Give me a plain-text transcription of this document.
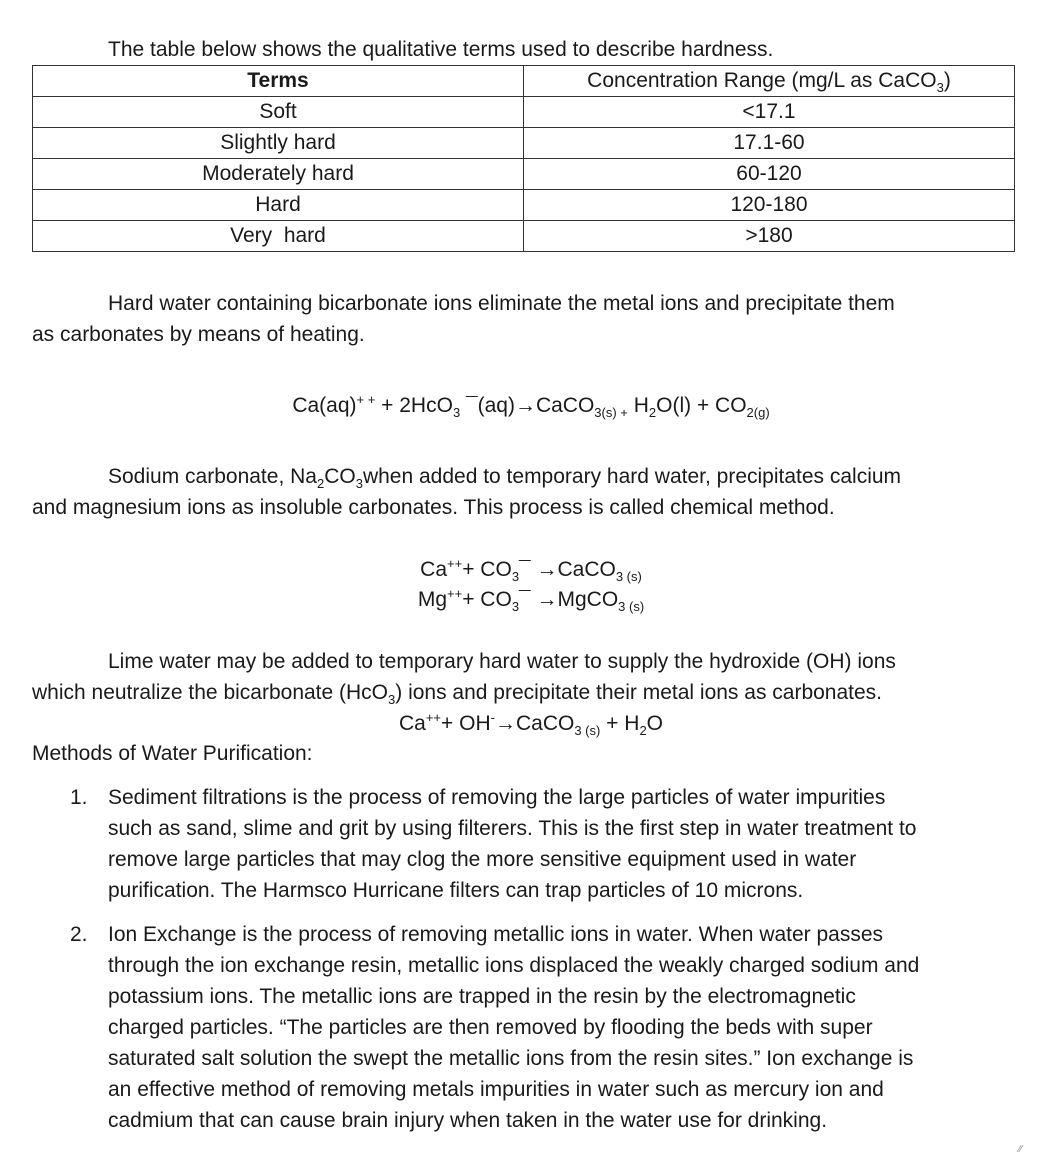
The table below shows the qualitative terms used to describe hardness.
Terms	Concentration Range (mg/L as CaCO$_3$)
Soft	<17.1
Slightly hard	17.1-60
Moderately hard	60-120
Hard	120-180
Very  hard	>180
Hard water containing bicarbonate ions eliminate the metal ions and precipitate them
as carbonates by means of heating.
Ca(aq)+ + + 2HcO$_3$ ¯(aq)→CaCO$_{3(s) +}$ $H_2O(l) + CO_{2(g)}$
Sodium carbonate, $Na_2CO_3when$ added to temporary hard water, precipitates calcium
and magnesium ions as insoluble carbonates. This process is called chemical method.
$Ca^{++}+ CO_3¯$ →CaCO$_{3 (s)}$
$Mg^{++}+ CO_3¯$ →MgCO$_{3 (s)}$
Lime water may be added to temporary hard water to supply the hydroxide (OH) ions
which neutralize the bicarbonate (HcO$_3$) ions and precipitate their metal ions as carbonates.
Ca+++ OH-→CaCO$_{3 (s)}$ + $H_2O$
Methods of Water Purification:
1. Sediment filtrations is the process of removing the large particles of water impurities
such as sand, slime and grit by using filterers. This is the first step in water treatment to
remove large particles that may clog the more sensitive equipment used in water
purification. The Harmsco Hurricane filters can trap particles of 10 microns.
2. Ion Exchange is the process of removing metallic ions in water. When water passes
through the ion exchange resin, metallic ions displaced the weakly charged sodium and
potassium ions. The metallic ions are trapped in the resin by the electromagnetic
charged particles. “The particles are then removed by flooding the beds with super
saturated salt solution the swept the metallic ions from the resin sites.” Ion exchange is
an effective method of removing metals impurities in water such as mercury ion and
cadmium that can cause brain injury when taken in the water use for drinking.
⁄⁄
